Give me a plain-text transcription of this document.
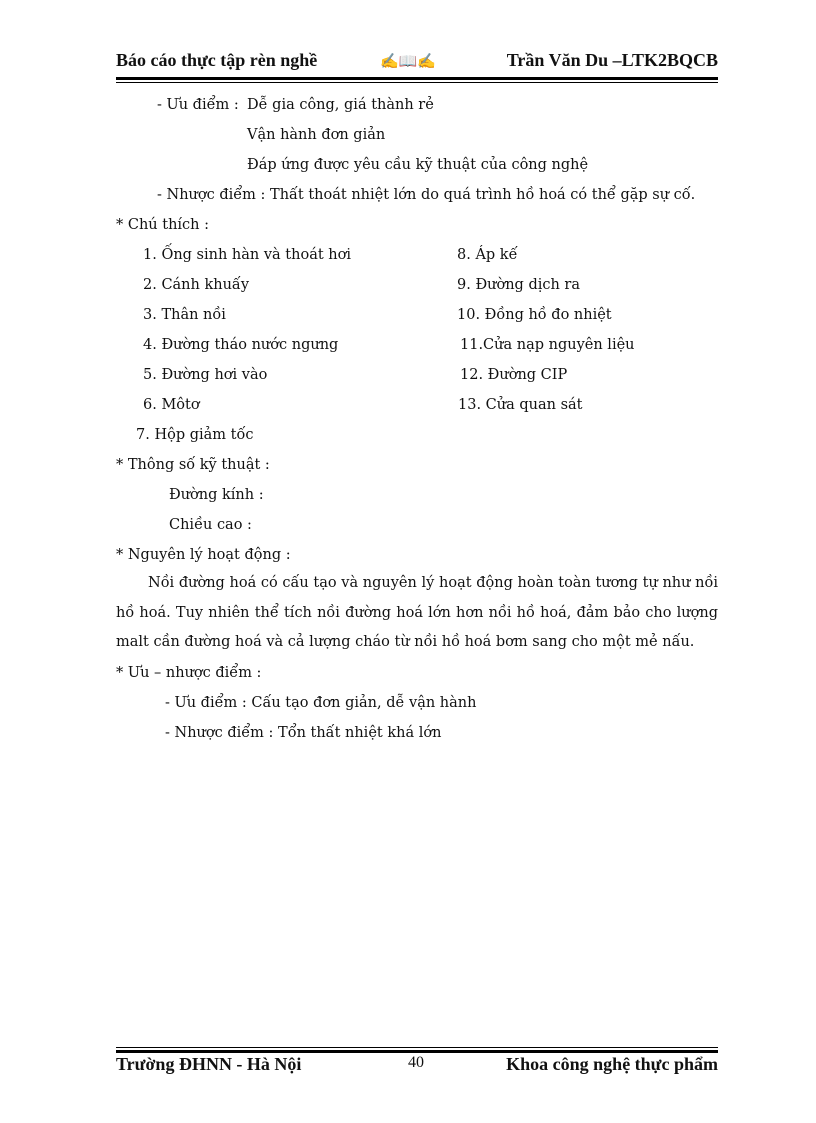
Báo cáo thực tập rèn nghề	✍📖✍	Trần Văn Du –LTK2BQCB
- Ưu điểm : Dễ gia công, giá thành rẻ
Vận hành đơn giản
Đáp ứng được yêu cầu kỹ thuật của công nghệ
- Nhược điểm : Thất thoát nhiệt lớn do quá trình hồ hoá có thể gặp sự cố.
* Chú thích :
1. Ống sinh hàn và thoát hơi
2. Cánh khuấy
3. Thân nồi
4. Đường tháo nước ngưng
5. Đường hơi vào
6. Môtơ
7. Hộp giảm tốc
8. Áp kế
9. Đường dịch ra
10. Đồng hồ đo nhiệt
11.Cửa nạp nguyên liệu
12. Đường CIP
13. Cửa quan sát
* Thông số kỹ thuật :
Đường kính :
Chiều cao :
* Nguyên lý hoạt động :
Nồi đường hoá có cấu tạo và nguyên lý hoạt động hoàn toàn tương tự như nồi hồ hoá. Tuy nhiên thể tích nồi đường hoá lớn hơn nồi hồ hoá, đảm bảo cho lượng malt cần đường hoá và cả lượng cháo từ nồi hồ hoá bơm sang cho một mẻ nấu.
* Ưu – nhược điểm :
- Ưu điểm : Cấu tạo đơn giản, dễ vận hành
- Nhược điểm : Tổn thất nhiệt khá lớn
Trường ĐHNN - Hà Nội	40	Khoa công nghệ thực phẩm
